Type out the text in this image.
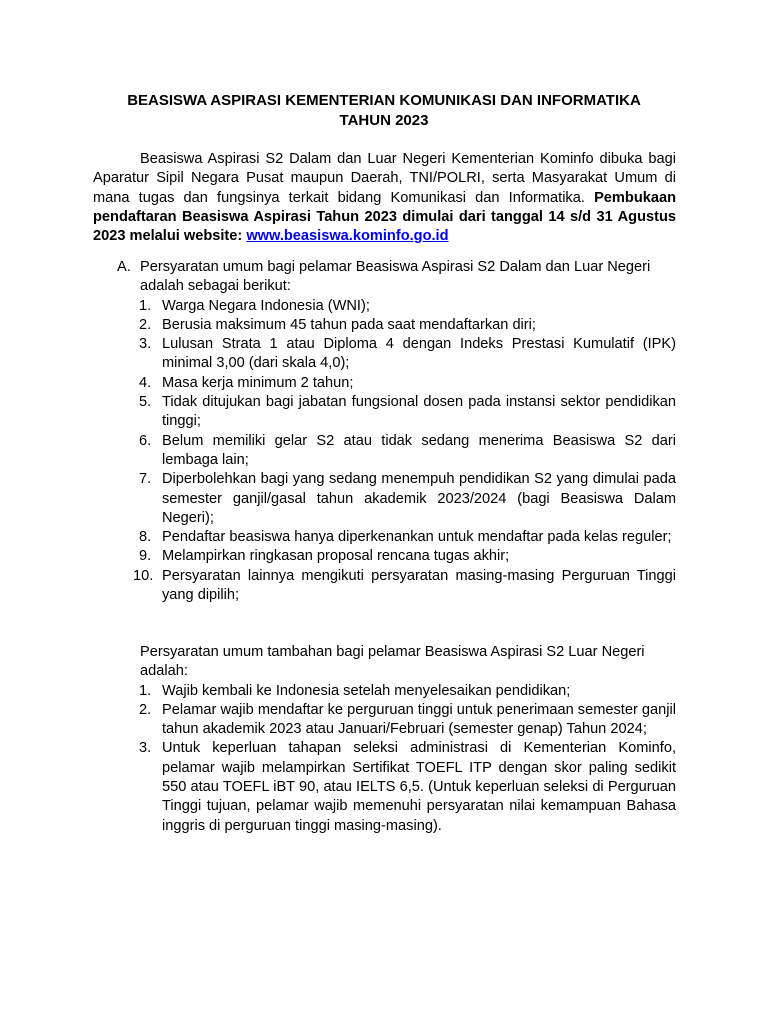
BEASISWA ASPIRASI KEMENTERIAN KOMUNIKASI DAN INFORMATIKA
TAHUN 2023

Beasiswa Aspirasi S2 Dalam dan Luar Negeri Kementerian Kominfo dibuka bagi Aparatur Sipil Negara Pusat maupun Daerah, TNI/POLRI, serta Masyarakat Umum di mana tugas dan fungsinya terkait bidang Komunikasi dan Informatika. Pembukaan pendaftaran Beasiswa Aspirasi Tahun 2023 dimulai dari tanggal 14 s/d 31 Agustus 2023 melalui website: www.beasiswa.kominfo.go.id

A. Persyaratan umum bagi pelamar Beasiswa Aspirasi S2 Dalam dan Luar Negeri adalah sebagai berikut:
1. Warga Negara Indonesia (WNI);
2. Berusia maksimum 45 tahun pada saat mendaftarkan diri;
3. Lulusan Strata 1 atau Diploma 4 dengan Indeks Prestasi Kumulatif (IPK) minimal 3,00 (dari skala 4,0);
4. Masa kerja minimum 2 tahun;
5. Tidak ditujukan bagi jabatan fungsional dosen pada instansi sektor pendidikan tinggi;
6. Belum memiliki gelar S2 atau tidak sedang menerima Beasiswa S2 dari lembaga lain;
7. Diperbolehkan bagi yang sedang menempuh pendidikan S2 yang dimulai pada semester ganjil/gasal tahun akademik 2023/2024 (bagi Beasiswa Dalam Negeri);
8. Pendaftar beasiswa hanya diperkenankan untuk mendaftar pada kelas reguler;
9. Melampirkan ringkasan proposal rencana tugas akhir;
10. Persyaratan lainnya mengikuti persyaratan masing-masing Perguruan Tinggi yang dipilih;
Persyaratan umum tambahan bagi pelamar Beasiswa Aspirasi S2 Luar Negeri adalah:
1. Wajib kembali ke Indonesia setelah menyelesaikan pendidikan;
2. Pelamar wajib mendaftar ke perguruan tinggi untuk penerimaan semester ganjil tahun akademik 2023 atau Januari/Februari (semester genap) Tahun 2024;
3. Untuk keperluan tahapan seleksi administrasi di Kementerian Kominfo, pelamar wajib melampirkan Sertifikat TOEFL ITP dengan skor paling sedikit 550 atau TOEFL iBT 90, atau IELTS 6,5. (Untuk keperluan seleksi di Perguruan Tinggi tujuan, pelamar wajib memenuhi persyaratan nilai kemampuan Bahasa inggris di perguruan tinggi masing-masing).
